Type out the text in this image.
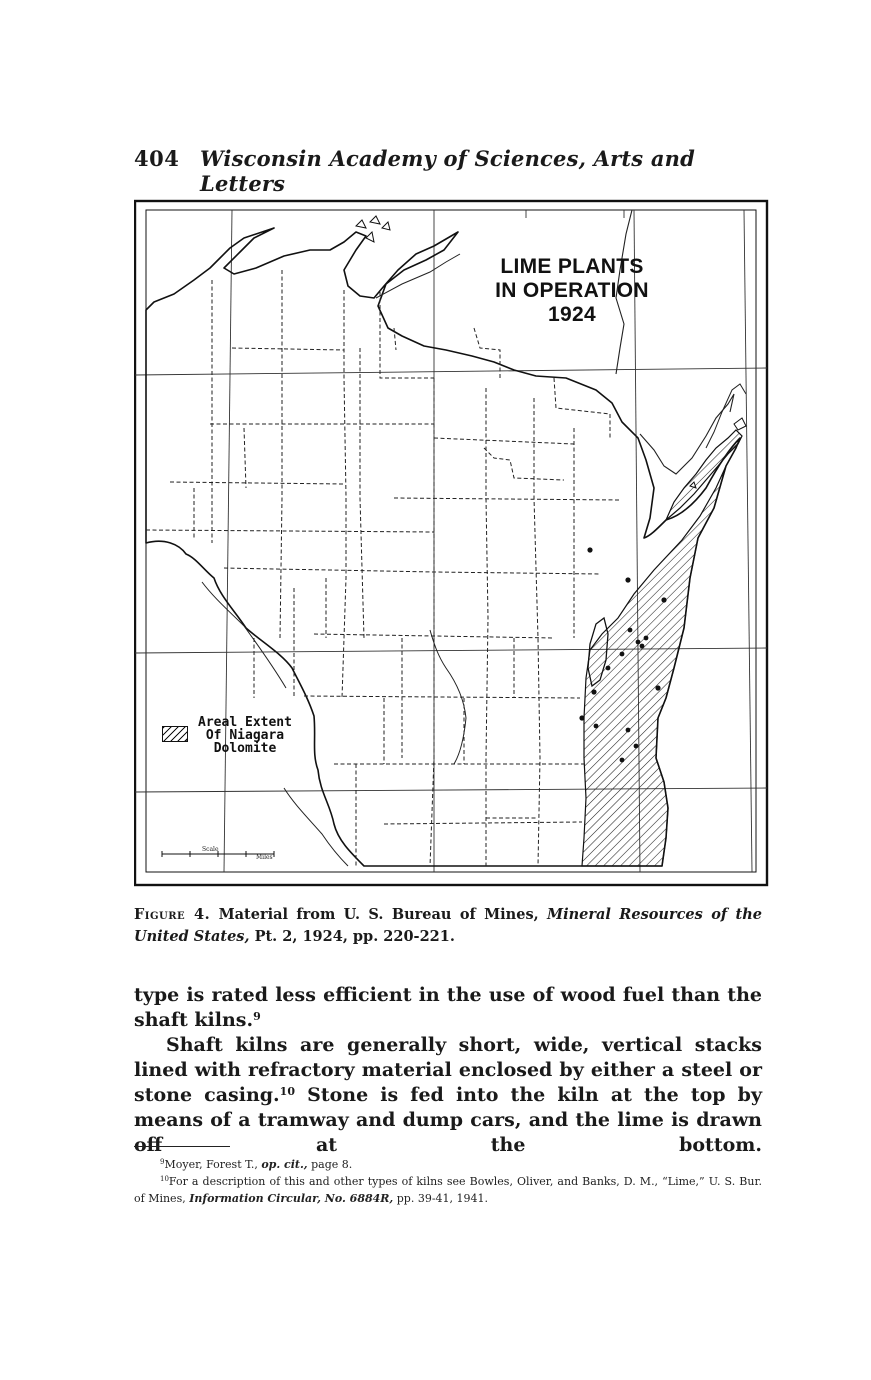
404 Wisconsin Academy of Sciences, Arts and Letters
LIME PLANTS
IN OPERATION
1924
Areal Extent
Of Niagara
Dolomite
Scale
Miles
Figure 4. Material from U. S. Bureau of Mines, Mineral Resources of the United States, Pt. 2, 1924, pp. 220-221.

type is rated less efficient in the use of wood fuel than the shaft kilns.$^9$

Shaft kilns are generally short, wide, vertical stacks lined with refractory material enclosed by either a steel or stone casing.$^{10}$ Stone is fed into the kiln at the top by means of a tramway and dump cars, and the lime is drawn off at the bottom.

$^9$Moyer, Forest T., op. cit., page 8.

$^{10}$For a description of this and other types of kilns see Bowles, Oliver, and Banks, D. M., “Lime,” U. S. Bur. of Mines, Information Circular, No. 6884R, pp. 39-41, 1941.
